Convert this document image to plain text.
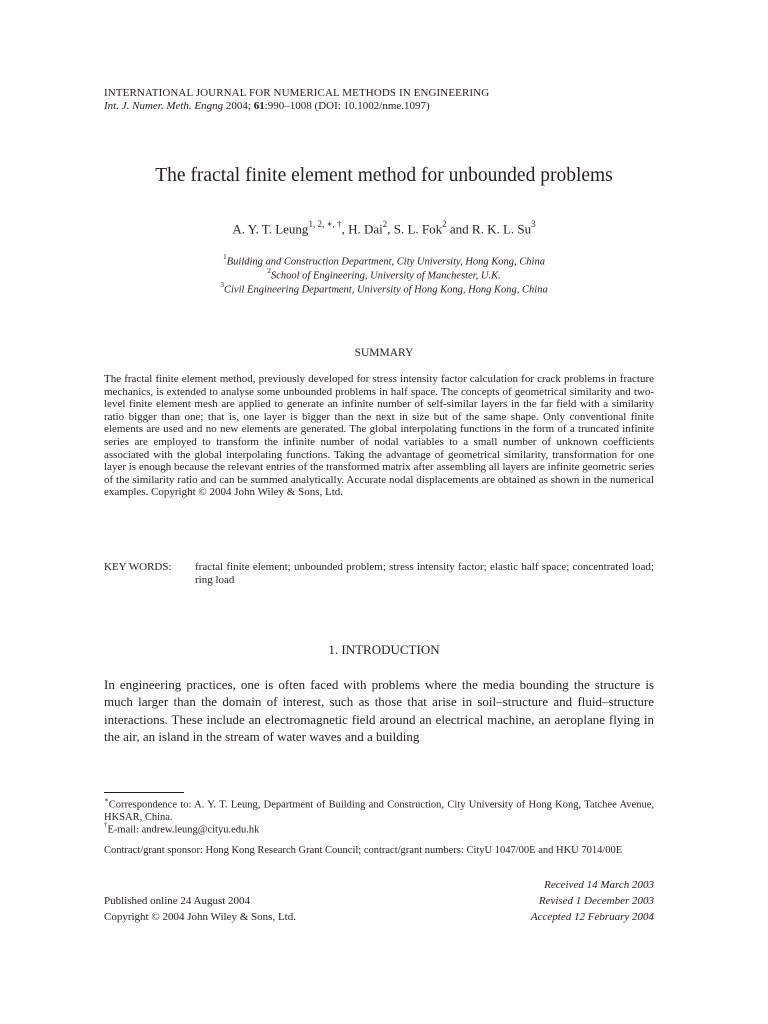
INTERNATIONAL JOURNAL FOR NUMERICAL METHODS IN ENGINEERING
Int. J. Numer. Meth. Engng 2004; 61:990–1008 (DOI: 10.1002/nme.1097)
The fractal finite element method for unbounded problems
A. Y. T. Leung$^{1, 2, ∗, \dagger}$, H. Dai$^2$, S. L. Fok$^2$ and R. K. L. Su$^3$
$^1$Building and Construction Department, City University, Hong Kong, China
$^2$School of Engineering, University of Manchester, U.K.
$^3$Civil Engineering Department, University of Hong Kong, Hong Kong, China
SUMMARY
The fractal finite element method, previously developed for stress intensity factor calculation for crack problems in fracture mechanics, is extended to analyse some unbounded problems in half space. The concepts of geometrical similarity and two-level finite element mesh are applied to generate an infinite number of self-similar layers in the far field with a similarity ratio bigger than one; that is, one layer is bigger than the next in size but of the same shape. Only conventional finite elements are used and no new elements are generated. The global interpolating functions in the form of a truncated infinite series are employed to transform the infinite number of nodal variables to a small number of unknown coefficients associated with the global interpolating functions. Taking the advantage of geometrical similarity, transformation for one layer is enough because the relevant entries of the transformed matrix after assembling all layers are infinite geometric series of the similarity ratio and can be summed analytically. Accurate nodal displacements are obtained as shown in the numerical examples. Copyright © 2004 John Wiley & Sons, Ltd.
KEY WORDS: fractal finite element; unbounded problem; stress intensity factor; elastic half space; concentrated load; ring load
1. INTRODUCTION
In engineering practices, one is often faced with problems where the media bounding the structure is much larger than the domain of interest, such as those that arise in soil–structure and fluid–structure interactions. These include an electromagnetic field around an electrical machine, an aeroplane flying in the air, an island in the stream of water waves and a building
∗Correspondence to: A. Y. T. Leung, Department of Building and Construction, City University of Hong Kong, Tatchee Avenue, HKSAR, China.
†E-mail: andrew.leung@cityu.edu.hk
Contract/grant sponsor: Hong Kong Research Grant Council; contract/grant numbers: CityU 1047/00E and HKU 7014/00E
Received 14 March 2003
Revised 1 December 2003
Accepted 12 February 2004
Published online 24 August 2004
Copyright © 2004 John Wiley & Sons, Ltd.
